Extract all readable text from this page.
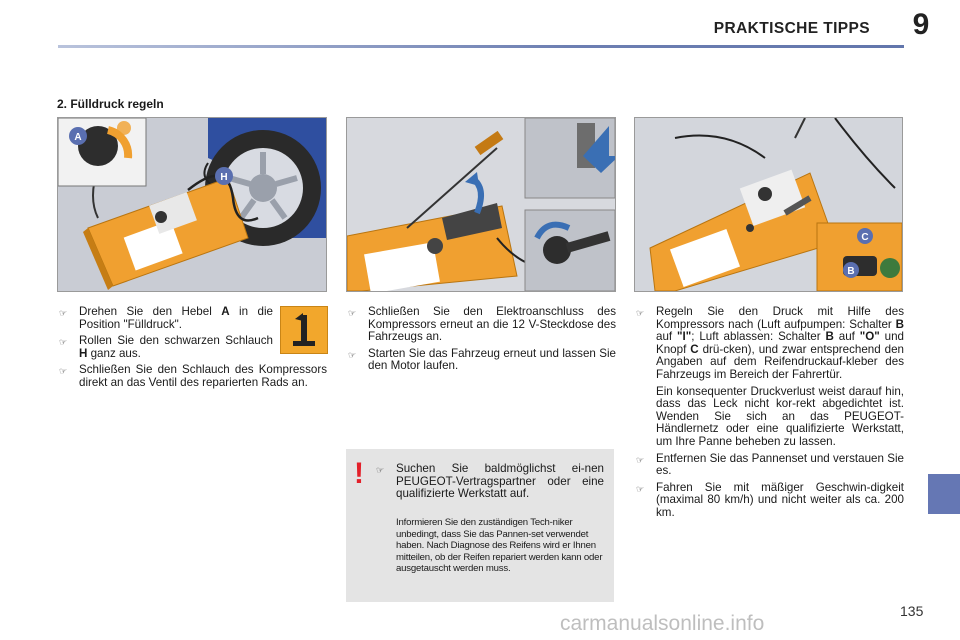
PRAKTISCHE TIPPS	9
2. Fülldruck regeln
A
H
C
B
☞ Drehen Sie den Hebel A in die Position "Fülldruck".
☞ Rollen Sie den schwarzen Schlauch H ganz aus.
☞ Schließen Sie den Schlauch des Kompressors direkt an das Ventil des reparierten Rads an.
☞ Schließen Sie den Elektroanschluss des Kompressors erneut an die 12 V-Steckdose des Fahrzeugs an.
☞ Starten Sie das Fahrzeug erneut und lassen Sie den Motor laufen.
! ☞ Suchen Sie baldmöglichst ei-nen PEUGEOT-Vertragspartner oder eine qualifizierte Werkstatt auf.
Informieren Sie den zuständigen Tech-niker unbedingt, dass Sie das Pannen-set verwendet haben. Nach Diagnose des Reifens wird er Ihnen mitteilen, ob der Reifen repariert werden kann oder ausgetauscht werden muss.
☞ Regeln Sie den Druck mit Hilfe des Kompressors nach (Luft aufpumpen: Schalter B auf "I"; Luft ablassen: Schalter B auf "O" und Knopf C drü-cken), und zwar entsprechend den Angaben auf dem Reifendruckauf-kleber des Fahrzeugs im Bereich der Fahrertür.
Ein konsequenter Druckverlust weist darauf hin, dass das Leck nicht kor-rekt abgedichtet ist. Wenden Sie sich an das PEUGEOT-Händlernetz oder eine qualifizierte Werkstatt, um Ihre Panne beheben zu lassen.
☞ Entfernen Sie das Pannenset und verstauen Sie es.
☞ Fahren Sie mit mäßiger Geschwin-digkeit (maximal 80 km/h) und nicht weiter als ca. 200 km.
135
carmanualsonline.info
